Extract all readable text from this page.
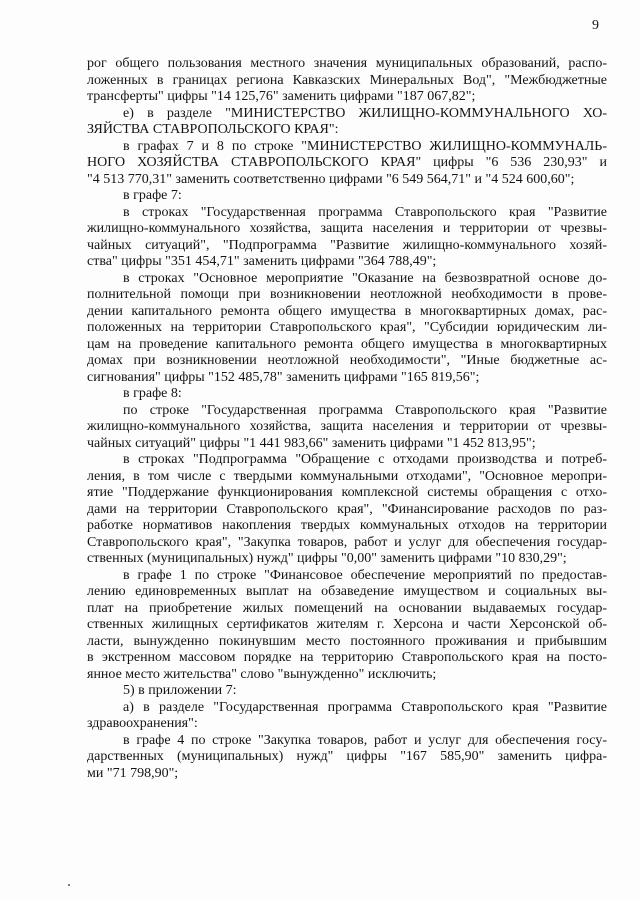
9
рог общего пользования местного значения муниципальных образований, распо-
ложенных в границах региона Кавказских Минеральных Вод", "Межбюджетные
трансферты" цифры "14 125,76" заменить цифрами "187 067,82";
е) в разделе "МИНИСТЕРСТВО ЖИЛИЩНО-КОММУНАЛЬНОГО ХО-
ЗЯЙСТВА СТАВРОПОЛЬСКОГО КРАЯ":
в графах 7 и 8 по строке "МИНИСТЕРСТВО ЖИЛИЩНО-КОММУНАЛЬ-
НОГО ХОЗЯЙСТВА СТАВРОПОЛЬСКОГО КРАЯ" цифры "6 536 230,93" и
"4 513 770,31" заменить соответственно цифрами "6 549 564,71" и "4 524 600,60";
в графе 7:
в строках "Государственная программа Ставропольского края "Развитие
жилищно-коммунального хозяйства, защита населения и территории от чрезвы-
чайных ситуаций", "Подпрограмма "Развитие жилищно-коммунального хозяй-
ства" цифры "351 454,71" заменить цифрами "364 788,49";
в строках "Основное мероприятие "Оказание на безвозвратной основе до-
полнительной помощи при возникновении неотложной необходимости в прове-
дении капитального ремонта общего имущества в многоквартирных домах, рас-
положенных на территории Ставропольского края", "Субсидии юридическим ли-
цам на проведение капитального ремонта общего имущества в многоквартирных
домах при возникновении неотложной необходимости", "Иные бюджетные ас-
сигнования" цифры "152 485,78" заменить цифрами "165 819,56";
в графе 8:
по строке "Государственная программа Ставропольского края "Развитие
жилищно-коммунального хозяйства, защита населения и территории от чрезвы-
чайных ситуаций" цифры "1 441 983,66" заменить цифрами "1 452 813,95";
в строках "Подпрограмма "Обращение с отходами производства и потреб-
ления, в том числе с твердыми коммунальными отходами", "Основное меропри-
ятие "Поддержание функционирования комплексной системы обращения с отхо-
дами на территории Ставропольского края", "Финансирование расходов по раз-
работке нормативов накопления твердых коммунальных отходов на территории
Ставропольского края", "Закупка товаров, работ и услуг для обеспечения государ-
ственных (муниципальных) нужд" цифры "0,00" заменить цифрами "10 830,29";
в графе 1 по строке "Финансовое обеспечение мероприятий по предостав-
лению единовременных выплат на обзаведение имуществом и социальных вы-
плат на приобретение жилых помещений на основании выдаваемых государ-
ственных жилищных сертификатов жителям г. Херсона и части Херсонской об-
ласти, вынужденно покинувшим место постоянного проживания и прибывшим
в экстренном массовом порядке на территорию Ставропольского края на посто-
янное место жительства" слово "вынужденно" исключить;
5) в приложении 7:
а) в разделе "Государственная программа Ставропольского края "Развитие
здравоохранения":
в графе 4 по строке "Закупка товаров, работ и услуг для обеспечения госу-
дарственных (муниципальных) нужд" цифры "167 585,90" заменить цифра-
ми "71 798,90";
